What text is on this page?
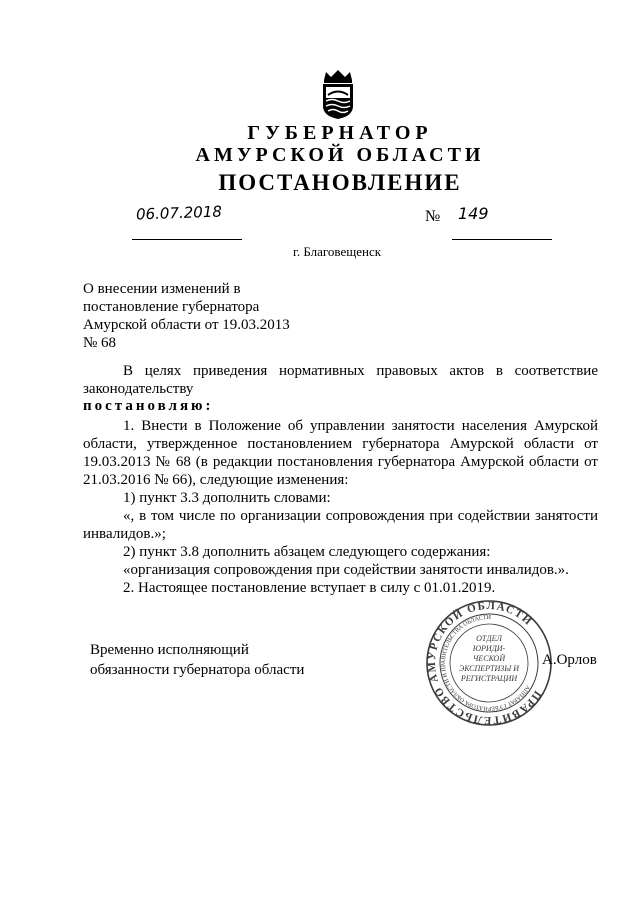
ГУБЕРНАТОР
АМУРСКОЙ ОБЛАСТИ
ПОСТАНОВЛЕНИЕ
06.07.2018	№ 149
г. Благовещенск
О внесении изменений в
постановление губернатора
Амурской области от 19.03.2013
№ 68
В целях приведения нормативных правовых актов в соответствие
законодательству
постановляю:
1. Внести в Положение об управлении занятости населения Амурской
области, утвержденное постановлением губернатора Амурской области от
19.03.2013 № 68 (в редакции постановления губернатора Амурской области от
21.03.2016 № 66), следующие изменения:
1) пункт 3.3 дополнить словами:
«, в том числе по организации сопровождения при содействии занятости
инвалидов.»;
2) пункт 3.8 дополнить абзацем следующего содержания:
«организация сопровождения при содействии занятости инвалидов.».
2. Настоящее постановление вступает в силу с 01.01.2019.
Временно исполняющий
обязанности губернатора области
ПРАВИТЕЛЬСТВО АМУРСКОЙ ОБЛАСТИ
АППАРАТ ГУБЕРНАТОРА ОБЛАСТИ И ПРАВИТЕЛЬСТВА ОБЛАСТИ
ОТДЕЛ
ЮРИДИ-
ЧЕСКОЙ
ЭКСПЕРТИЗЫ И
РЕГИСТРАЦИИ
А.Орлов
